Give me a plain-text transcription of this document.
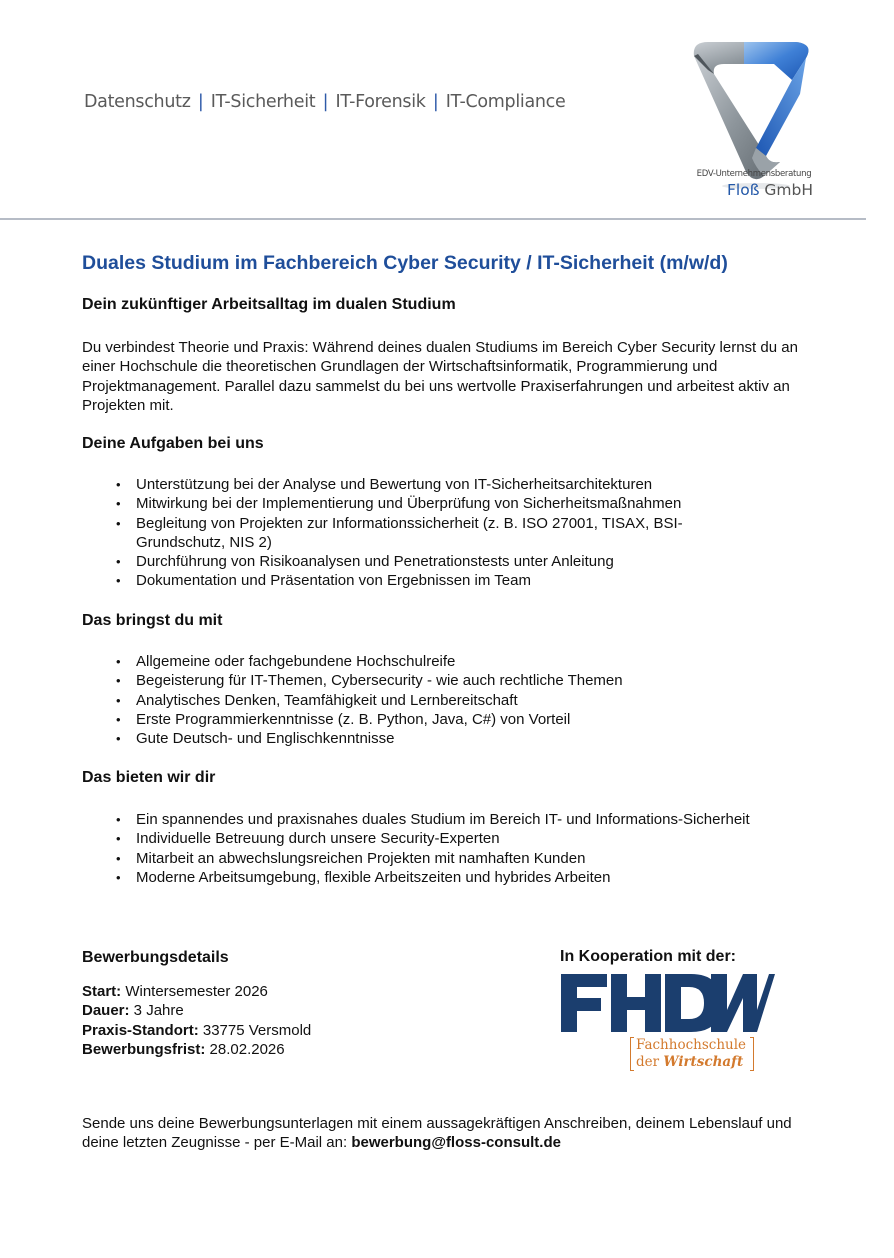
Datenschutz | IT-Sicherheit | IT-Forensik | IT-Compliance
EDV-Unternehmensberatung
Floß GmbH
Duales Studium im Fachbereich Cyber Security / IT-Sicherheit (m/w/d)
Dein zukünftiger Arbeitsalltag im dualen Studium

Du verbindest Theorie und Praxis: Während deines dualen Studiums im Bereich Cyber Security lernst du an einer Hochschule die theoretischen Grundlagen der Wirtschaftsinformatik, Programmierung und Projektmanagement. Parallel dazu sammelst du bei uns wertvolle Praxiserfahrungen und arbeitest aktiv an Projekten mit.

Deine Aufgaben bei uns
• Unterstützung bei der Analyse und Bewertung von IT-Sicherheitsarchitekturen
• Mitwirkung bei der Implementierung und Überprüfung von Sicherheitsmaßnahmen
• Begleitung von Projekten zur Informationssicherheit (z. B. ISO 27001, TISAX, BSI-Grundschutz, NIS 2)
• Durchführung von Risikoanalysen und Penetrationstests unter Anleitung
• Dokumentation und Präsentation von Ergebnissen im Team
Das bringst du mit
• Allgemeine oder fachgebundene Hochschulreife
• Begeisterung für IT-Themen, Cybersecurity - wie auch rechtliche Themen
• Analytisches Denken, Teamfähigkeit und Lernbereitschaft
• Erste Programmierkenntnisse (z. B. Python, Java, C#) von Vorteil
• Gute Deutsch- und Englischkenntnisse
Das bieten wir dir
• Ein spannendes und praxisnahes duales Studium im Bereich IT- und Informations-Sicherheit
• Individuelle Betreuung durch unsere Security-Experten
• Mitarbeit an abwechslungsreichen Projekten mit namhaften Kunden
• Moderne Arbeitsumgebung, flexible Arbeitszeiten und hybrides Arbeiten
Bewerbungsdetails
Start: Wintersemester 2026
Dauer: 3 Jahre
Praxis-Standort: 33775 Versmold
Bewerbungsfrist: 28.02.2026
In Kooperation mit der:
Fachhochschule
der Wirtschaft

Sende uns deine Bewerbungsunterlagen mit einem aussagekräftigen Anschreiben, deinem Lebenslauf und deine letzten Zeugnisse - per E-Mail an: bewerbung@floss-consult.de
